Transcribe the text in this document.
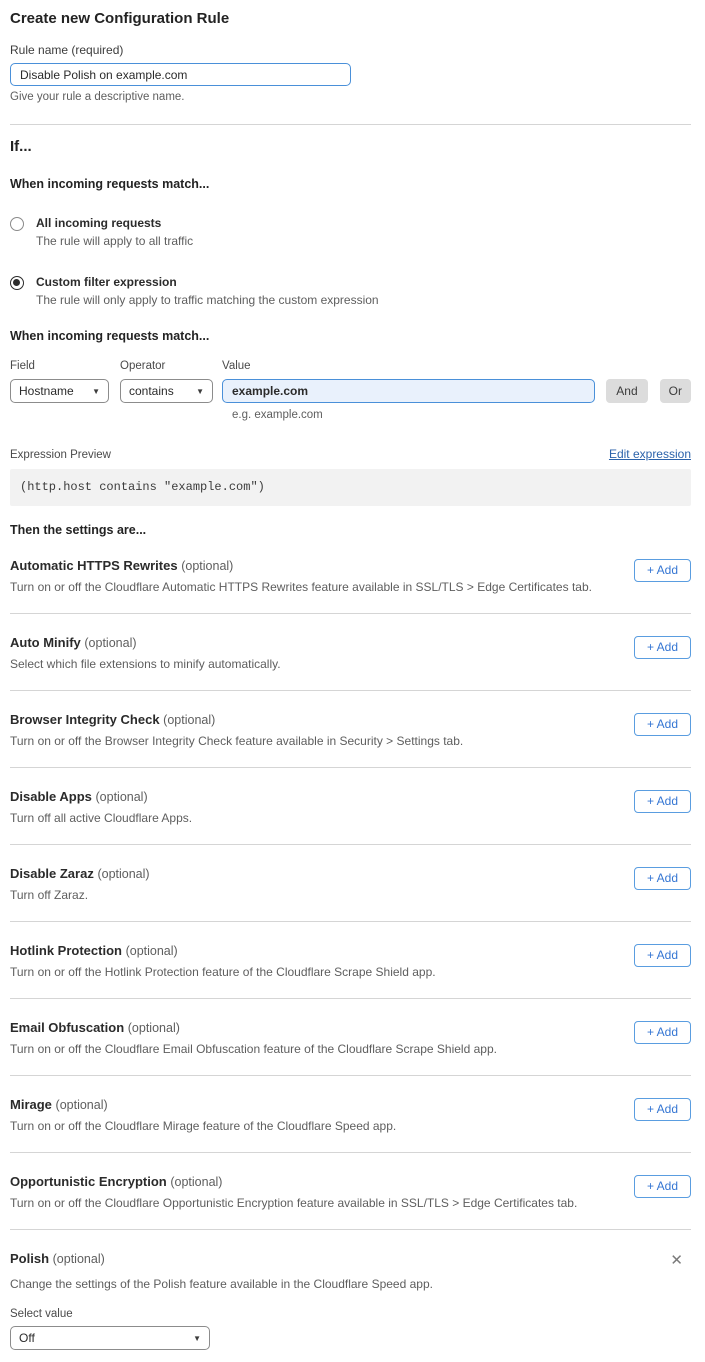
Create new Configuration Rule
Rule name (required)
Disable Polish on example.com
Give your rule a descriptive name.
If...
When incoming requests match...
All incoming requests
The rule will apply to all traffic
Custom filter expression
The rule will only apply to traffic matching the custom expression
When incoming requests match...
Field
Hostname ▼
Operator
contains	▼
Value
example.com
And	Or
e.g. example.com
Expression Preview	Edit expression
(http.host contains "example.com")
Then the settings are...
Automatic HTTPS Rewrites (optional)
Turn on or off the Cloudflare Automatic HTTPS Rewrites feature available in SSL/TLS > Edge Certificates tab.
+ Add
Auto Minify (optional)
Select which file extensions to minify automatically.
+ Add
Browser Integrity Check (optional)
Turn on or off the Browser Integrity Check feature available in Security > Settings tab.
+ Add
Disable Apps (optional)
Turn off all active Cloudflare Apps.
+ Add
Disable Zaraz (optional)
Turn off Zaraz.
+ Add
Hotlink Protection (optional)
Turn on or off the Hotlink Protection feature of the Cloudflare Scrape Shield app.
+ Add
Email Obfuscation (optional)
Turn on or off the Cloudflare Email Obfuscation feature of the Cloudflare Scrape Shield app.
+ Add
Mirage (optional)
Turn on or off the Cloudflare Mirage feature of the Cloudflare Speed app.
+ Add
Opportunistic Encryption (optional)
Turn on or off the Cloudflare Opportunistic Encryption feature available in SSL/TLS > Edge Certificates tab.
+ Add
Polish (optional)	✕
Change the settings of the Polish feature available in the Cloudflare Speed app.
Select value
Off	▼
